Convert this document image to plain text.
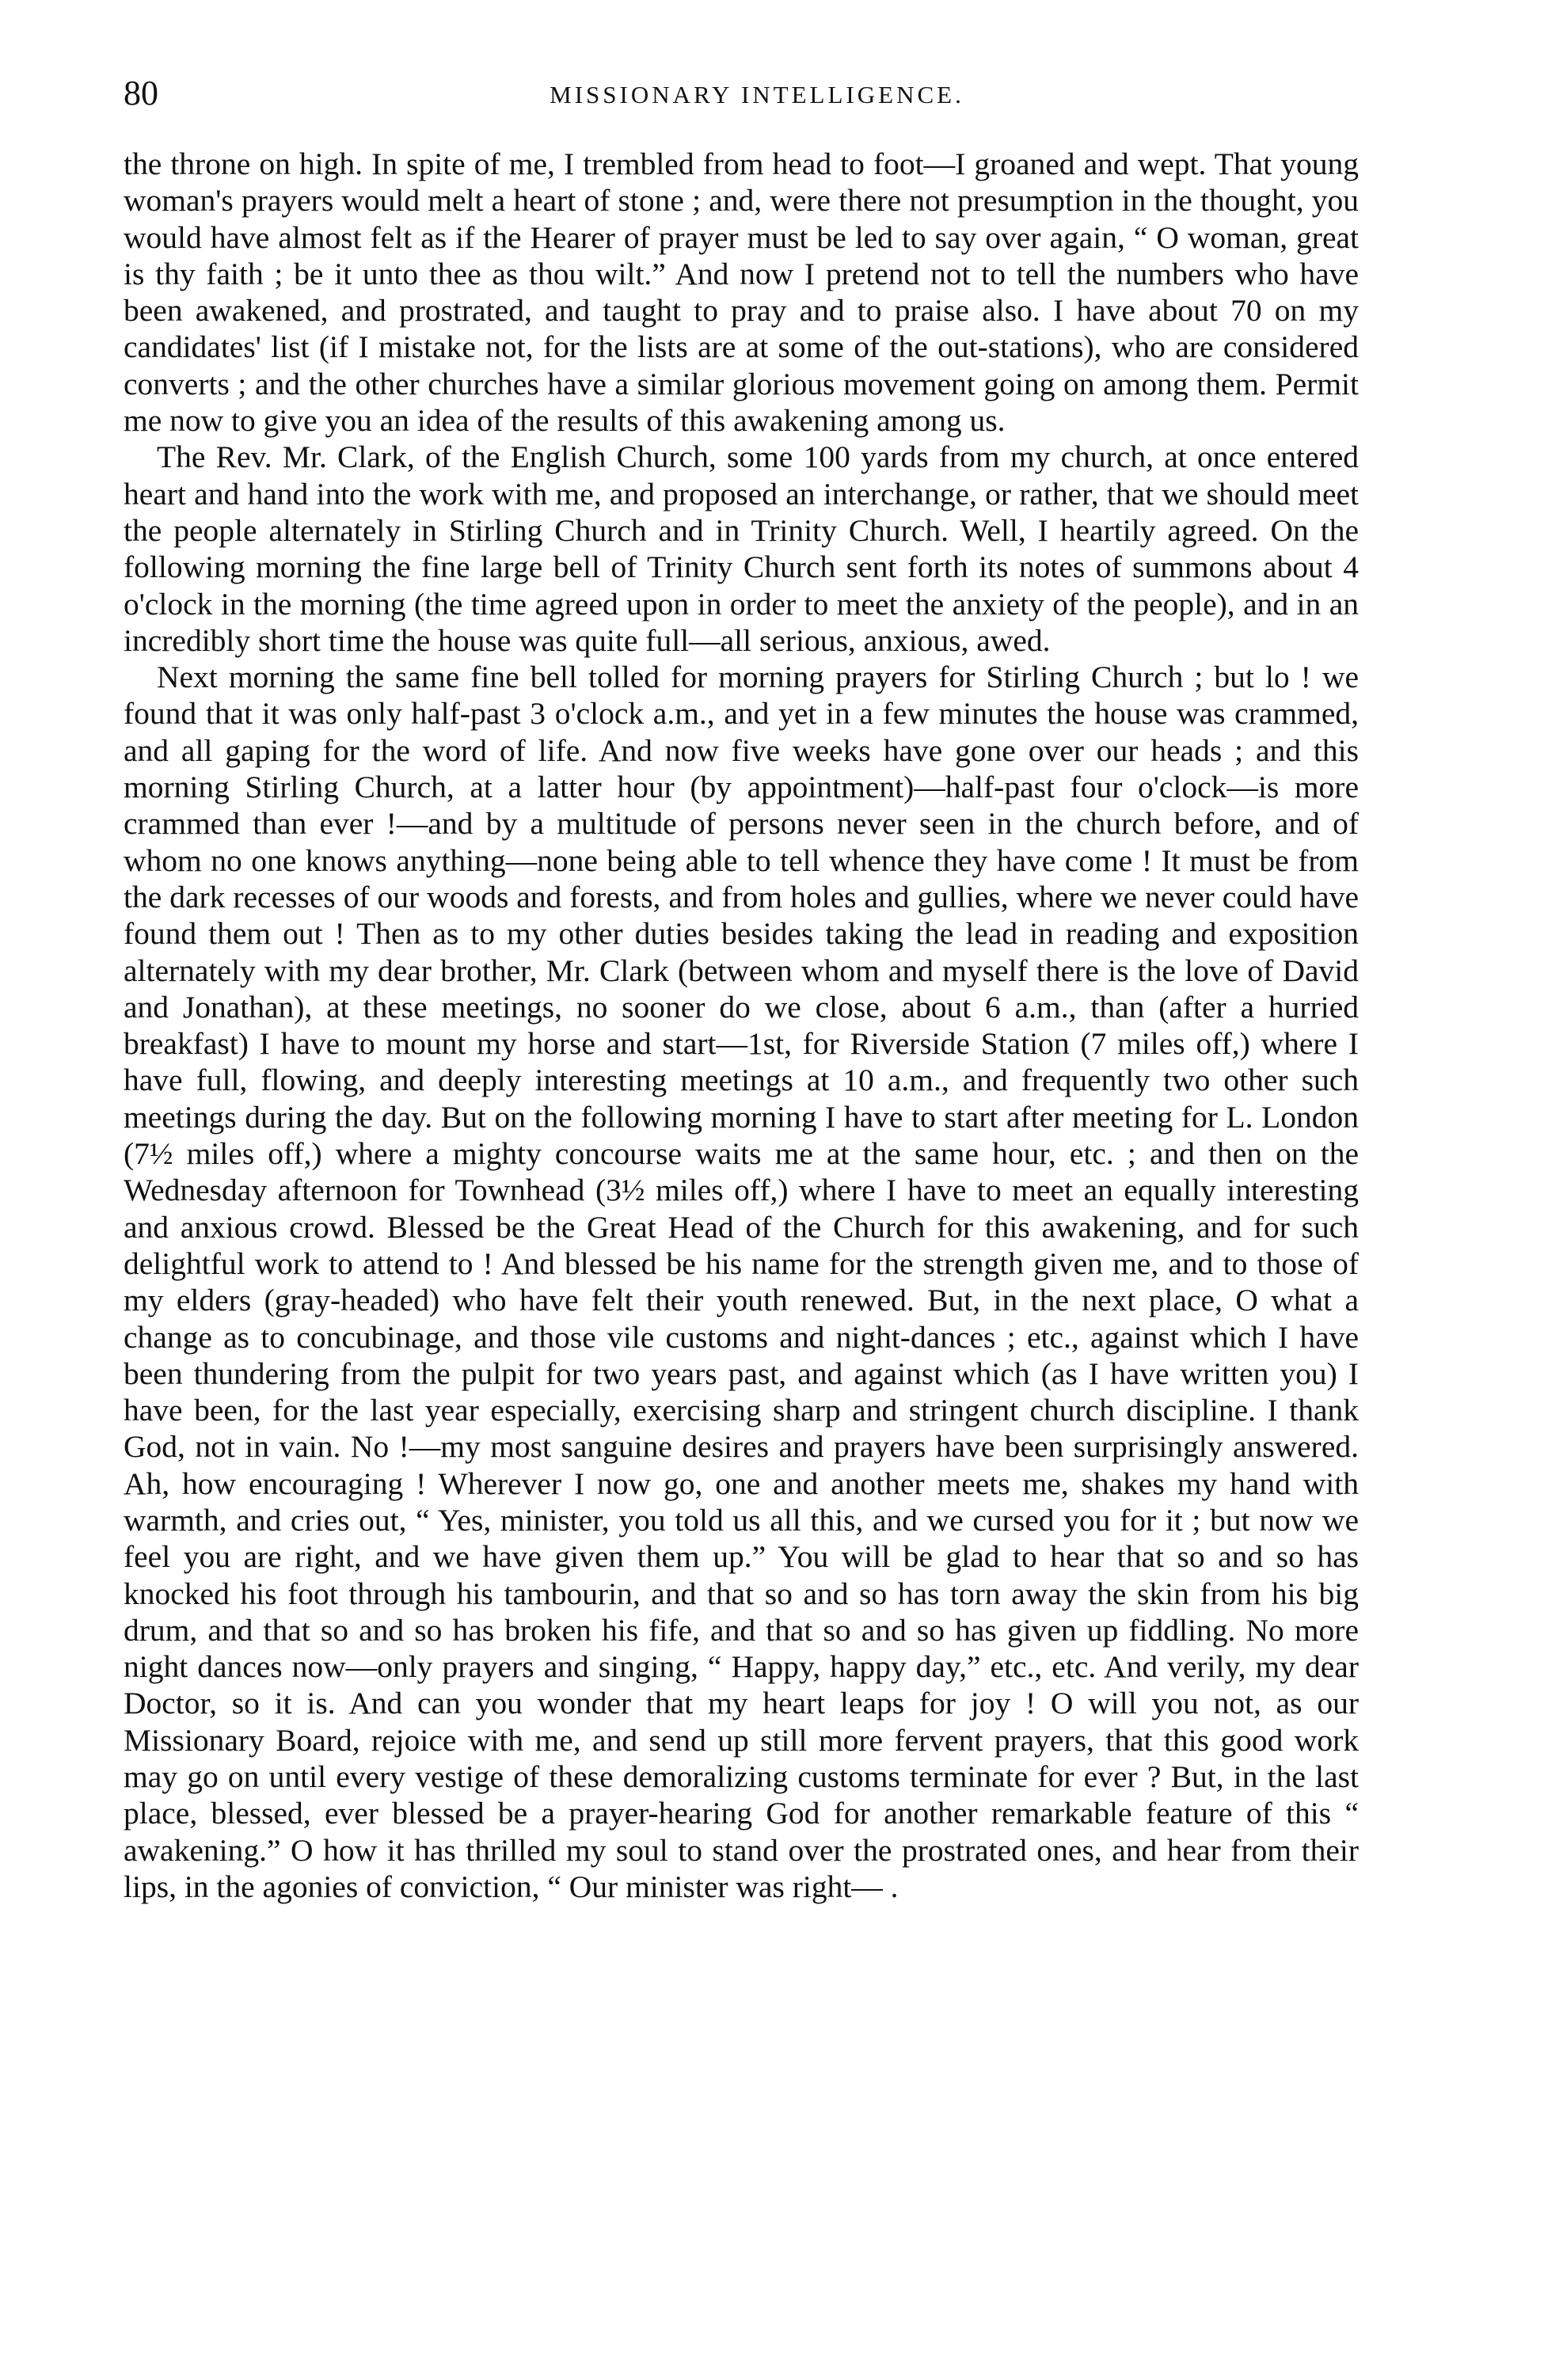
80	MISSIONARY INTELLIGENCE.

the throne on high. In spite of me, I trembled from head to foot—I groaned and wept. That young woman's prayers would melt a heart of stone ; and, were there not presumption in the thought, you would have almost felt as if the Hearer of prayer must be led to say over again, “ O woman, great is thy faith ; be it unto thee as thou wilt.” And now I pretend not to tell the numbers who have been awakened, and prostrated, and taught to pray and to praise also. I have about 70 on my candidates' list (if I mistake not, for the lists are at some of the out-stations), who are considered converts ; and the other churches have a similar glorious movement going on among them. Permit me now to give you an idea of the results of this awakening among us.

The Rev. Mr. Clark, of the English Church, some 100 yards from my church, at once entered heart and hand into the work with me, and proposed an interchange, or rather, that we should meet the people alternately in Stirling Church and in Trinity Church. Well, I heartily agreed. On the following morning the fine large bell of Trinity Church sent forth its notes of summons about 4 o'clock in the morning (the time agreed upon in order to meet the anxiety of the people), and in an incredibly short time the house was quite full—all serious, anxious, awed.

Next morning the same fine bell tolled for morning prayers for Stirling Church ; but lo ! we found that it was only half-past 3 o'clock a.m., and yet in a few minutes the house was crammed, and all gaping for the word of life. And now five weeks have gone over our heads ; and this morning Stirling Church, at a latter hour (by appointment)—half-past four o'clock—is more crammed than ever !—and by a multitude of persons never seen in the church before, and of whom no one knows anything—none being able to tell whence they have come ! It must be from the dark recesses of our woods and forests, and from holes and gullies, where we never could have found them out ! Then as to my other duties besides taking the lead in reading and exposition alternately with my dear brother, Mr. Clark (between whom and myself there is the love of David and Jonathan), at these meetings, no sooner do we close, about 6 a.m., than (after a hurried breakfast) I have to mount my horse and start—1st, for Riverside Station (7 miles off,) where I have full, flowing, and deeply interesting meetings at 10 a.m., and frequently two other such meetings during the day. But on the following morning I have to start after meeting for L. London (7½ miles off,) where a mighty concourse waits me at the same hour, etc. ; and then on the Wednesday afternoon for Townhead (3½ miles off,) where I have to meet an equally interesting and anxious crowd. Blessed be the Great Head of the Church for this awakening, and for such delightful work to attend to ! And blessed be his name for the strength given me, and to those of my elders (gray-headed) who have felt their youth renewed. But, in the next place, O what a change as to concubinage, and those vile customs and night-dances ; etc., against which I have been thundering from the pulpit for two years past, and against which (as I have written you) I have been, for the last year especially, exercising sharp and stringent church discipline. I thank God, not in vain. No !—my most sanguine desires and prayers have been surprisingly answered. Ah, how encouraging ! Wherever I now go, one and another meets me, shakes my hand with warmth, and cries out, “ Yes, minister, you told us all this, and we cursed you for it ; but now we feel you are right, and we have given them up.” You will be glad to hear that so and so has knocked his foot through his tambourin, and that so and so has torn away the skin from his big drum, and that so and so has broken his fife, and that so and so has given up fiddling. No more night dances now—only prayers and singing, “ Happy, happy day,” etc., etc. And verily, my dear Doctor, so it is. And can you wonder that my heart leaps for joy ! O will you not, as our Missionary Board, rejoice with me, and send up still more fervent prayers, that this good work may go on until every vestige of these demoralizing customs terminate for ever ? But, in the last place, blessed, ever blessed be a prayer-hearing God for another remarkable feature of this “ awakening.” O how it has thrilled my soul to stand over the prostrated ones, and hear from their lips, in the agonies of conviction, “ Our minister was right— .
